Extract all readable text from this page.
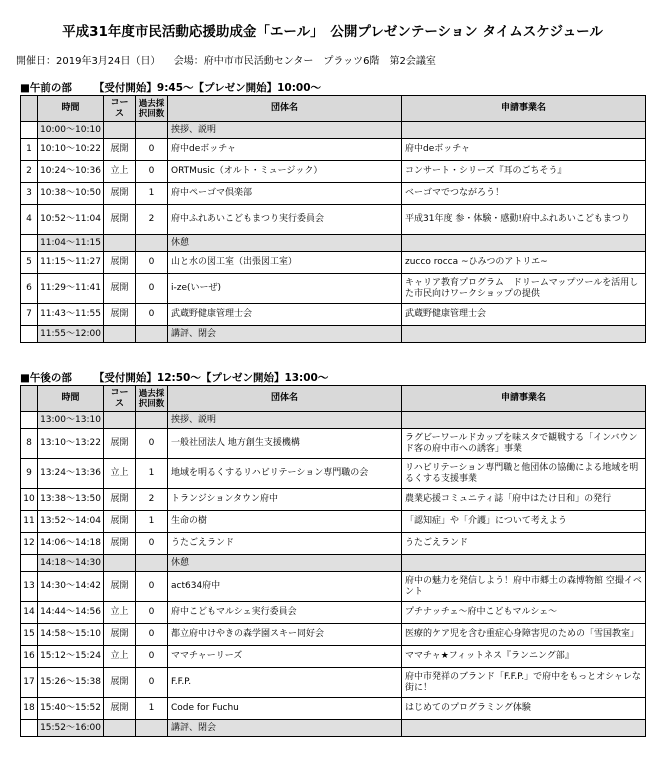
平成31年度市民活動応援助成金「エール」　公開プレゼンテーション タイムスケジュール
開催日：2019年3月24日（日） 会場：府中市市民活動センター　プラッツ6階　第2会議室
■午前の部 【受付開始】9:45～【プレゼン開始】10:00～
	時間	コース	過去採択回数	団体名	申請事業名
	10:00～10:10			挨拶、説明	
1	10:10～10:22	展開	0	府中deボッチャ	府中deボッチャ
2	10:24～10:36	立上	0	ORTMusic（オルト・ミュージック）	コンサート・シリーズ『耳のごちそう』
3	10:38～10:50	展開	1	府中ペーゴマ倶楽部	ベーゴマでつながろう！
4	10:52～11:04	展開	2	府中ふれあいこどもまつり実行委員会	平成31年度 参・体験・感動!府中ふれあいこどもまつり
	11:04～11:15			休憩	
5	11:15～11:27	展開	0	山と水の図工室（出張図工室）	zucco rocca ~ひみつのアトリエ~
6	11:29～11:41	展開	0	i-ze(いーぜ)	キャリア教育プログラム　ドリームマップツールを活用した市民向けワークショップの提供
7	11:43～11:55	展開	0	武蔵野健康管理士会	武蔵野健康管理士会
	11:55～12:00			講評、閉会	
■午後の部 【受付開始】12:50～【プレゼン開始】13:00～
	時間	コース	過去採択回数	団体名	申請事業名
	13:00～13:10			挨拶、説明	
8	13:10～13:22	展開	0	一般社団法人 地方創生支援機構	ラグビーワールドカップを味スタで観戦する「インバウンド客の府中市への誘客」事業
9	13:24～13:36	立上	1	地域を明るくするリハビリテーション専門職の会	リハビリテーション専門職と他団体の協働による地域を明るくする支援事業
10	13:38～13:50	展開	2	トランジションタウン府中	農業応援コミュニティ誌「府中はたけ日和」の発行
11	13:52～14:04	展開	1	生命の樹	「認知症」や「介護」について考えよう
12	14:06～14:18	展開	0	うたごえランド	うたごえランド
	14:18～14:30			休憩	
13	14:30～14:42	展開	0	act634府中	府中の魅力を発信しよう！府中市郷土の森博物館 空撮イベント
14	14:44～14:56	立上	0	府中こどもマルシェ実行委員会	プチナッチェ～府中こどもマルシェ～
15	14:58～15:10	展開	0	都立府中けやきの森学園スキー同好会	医療的ケア児を含む重症心身障害児のための「雪国教室」
16	15:12～15:24	立上	0	ママチャーリーズ	ママチャ★フィットネス『ランニング部』
17	15:26～15:38	展開	0	F.F.P.	府中市発祥のブランド「F.F.P.」で府中をもっとオシャレな街に！
18	15:40～15:52	展開	1	Code for Fuchu	はじめてのプログラミング体験
	15:52～16:00			講評、閉会	
